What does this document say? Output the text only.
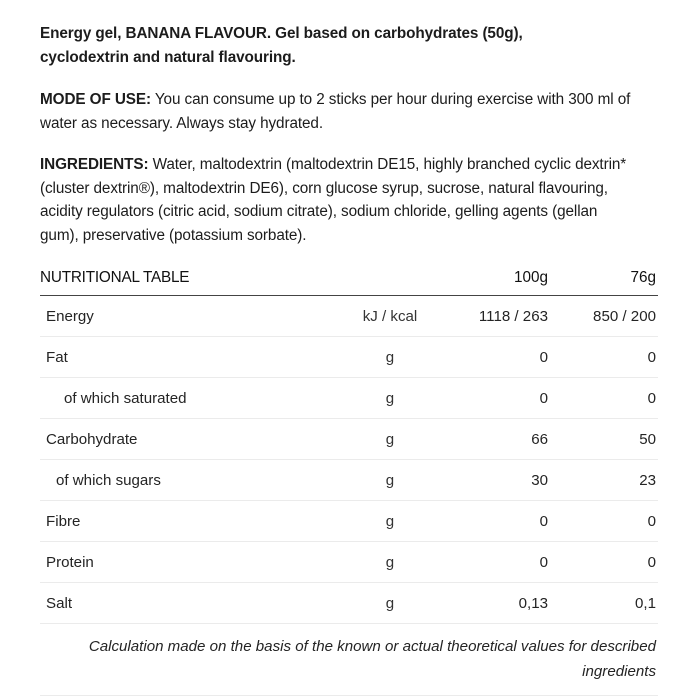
Energy gel, BANANA FLAVOUR. Gel based on carbohydrates (50g), cyclodextrin and natural flavouring.

MODE OF USE: You can consume up to 2 sticks per hour during exercise with 300 ml of water as necessary. Always stay hydrated.

INGREDIENTS: Water, maltodextrin (maltodextrin DE15, highly branched cyclic dextrin* (cluster dextrin®), maltodextrin DE6), corn glucose syrup, sucrose, natural flavouring, acidity regulators (citric acid, sodium citrate), sodium chloride, gelling agents (gellan gum), preservative (potassium sorbate).

NUTRITIONAL TABLE		100g	76g
Energy	kJ / kcal	1118 / 263	850 / 200
Fat	g	0	0
of which saturated	g	0	0
Carbohydrate	g	66	50
of which sugars	g	30	23
Fibre	g	0	0
Protein	g	0	0
Salt	g	0,13	0,1
Calculation made on the basis of the known or actual theoretical values for described ingredients
